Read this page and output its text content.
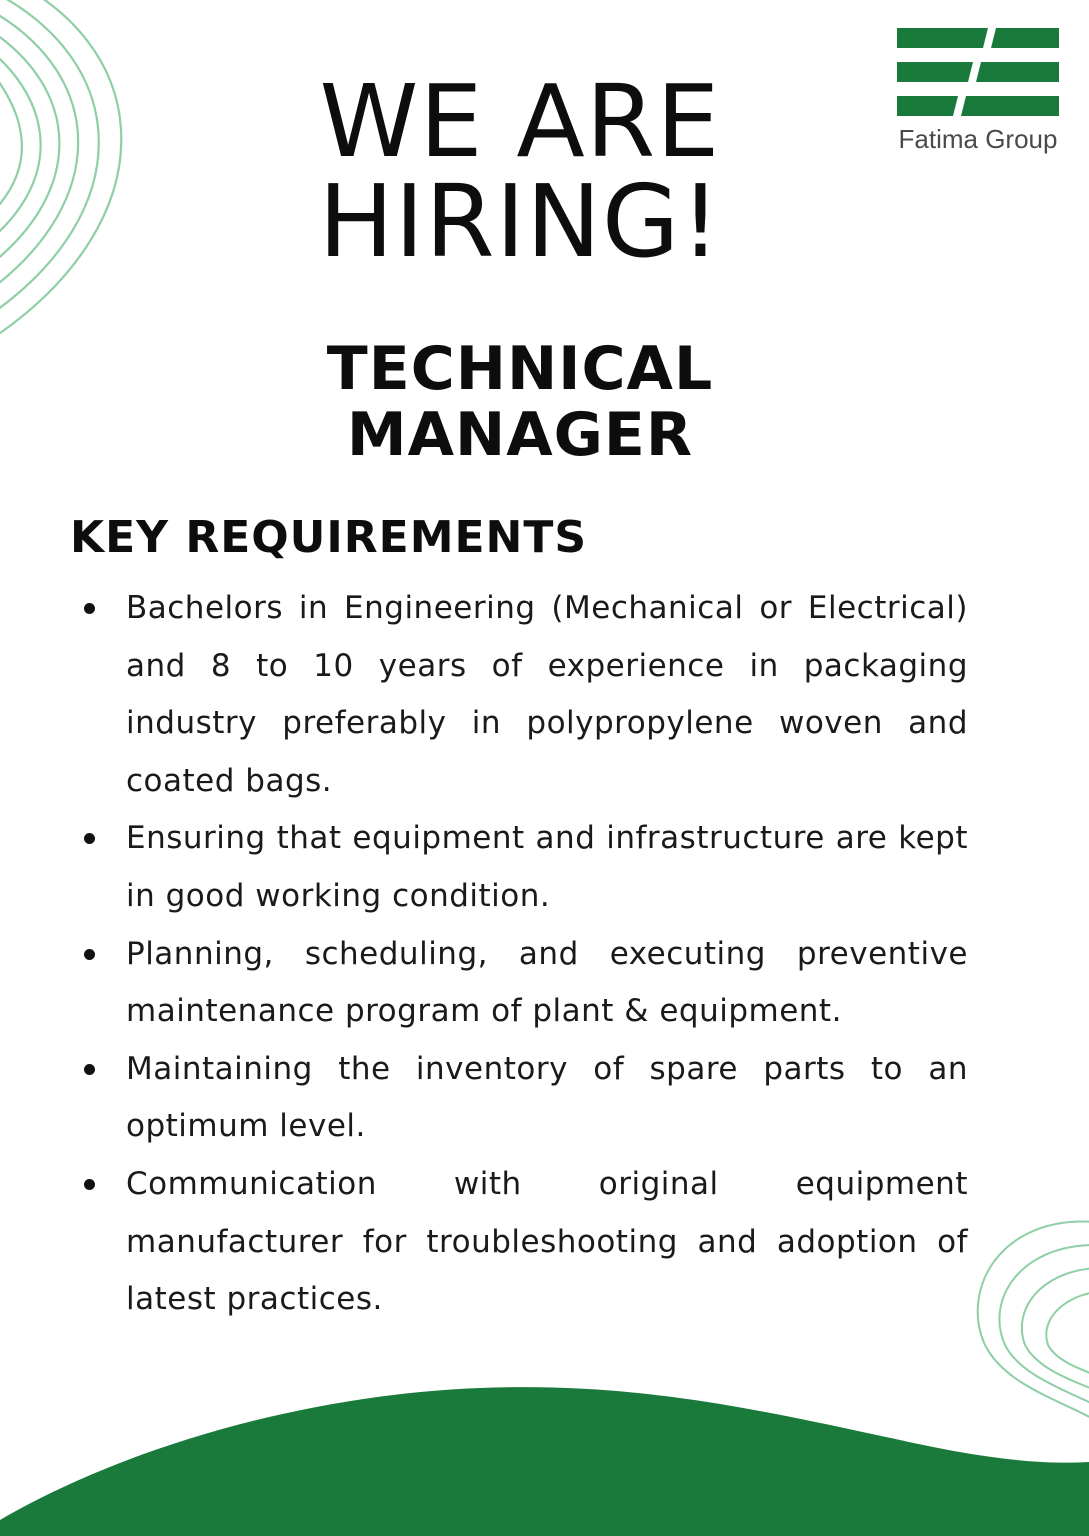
Fatima Group
WE ARE
HIRING!
TECHNICAL
MANAGER
KEY REQUIREMENTS
Bachelors in Engineering (Mechanical or Electrical) and 8 to 10 years of experience in packaging industry preferably in polypropylene woven and coated bags.
Ensuring that equipment and infrastructure are kept in good working condition.
Planning, scheduling, and executing preventive maintenance program of plant & equipment.
Maintaining the inventory of spare parts to an optimum level.
Communication with original equipment manufacturer for troubleshooting and adoption of latest practices.
